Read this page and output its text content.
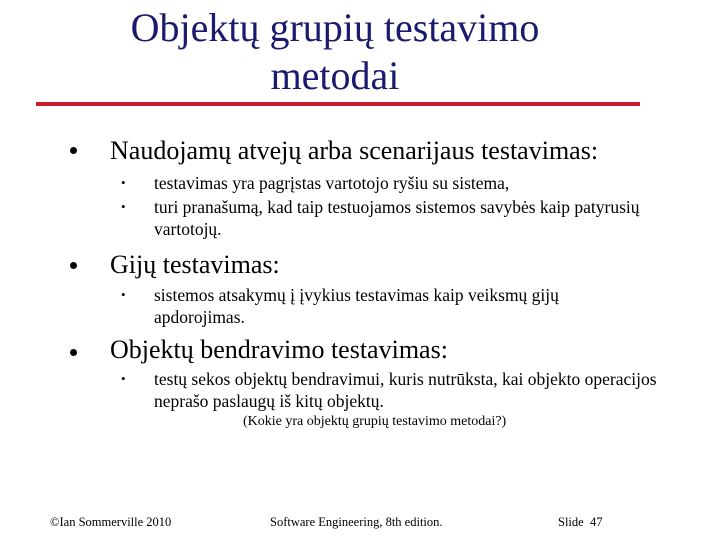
Objektų grupių testavimo
metodai
Naudojamų atvejų arba scenarijaus testavimas:
• testavimas yra pagrįstas vartotojo ryšiu su sistema,
• turi pranašumą, kad taip testuojamos sistemos savybės kaip patyrusių vartotojų.
Gijų testavimas:
• sistemos atsakymų į įvykius testavimas kaip veiksmų gijų apdorojimas.
Objektų bendravimo testavimas:
• testų sekos objektų bendravimui, kuris nutrūksta, kai objekto operacijos neprašo paslaugų iš kitų objektų.
(Kokie yra objektų grupių testavimo metodai?)
©Ian Sommerville 2010	Software Engineering, 8th edition.	Slide 47
